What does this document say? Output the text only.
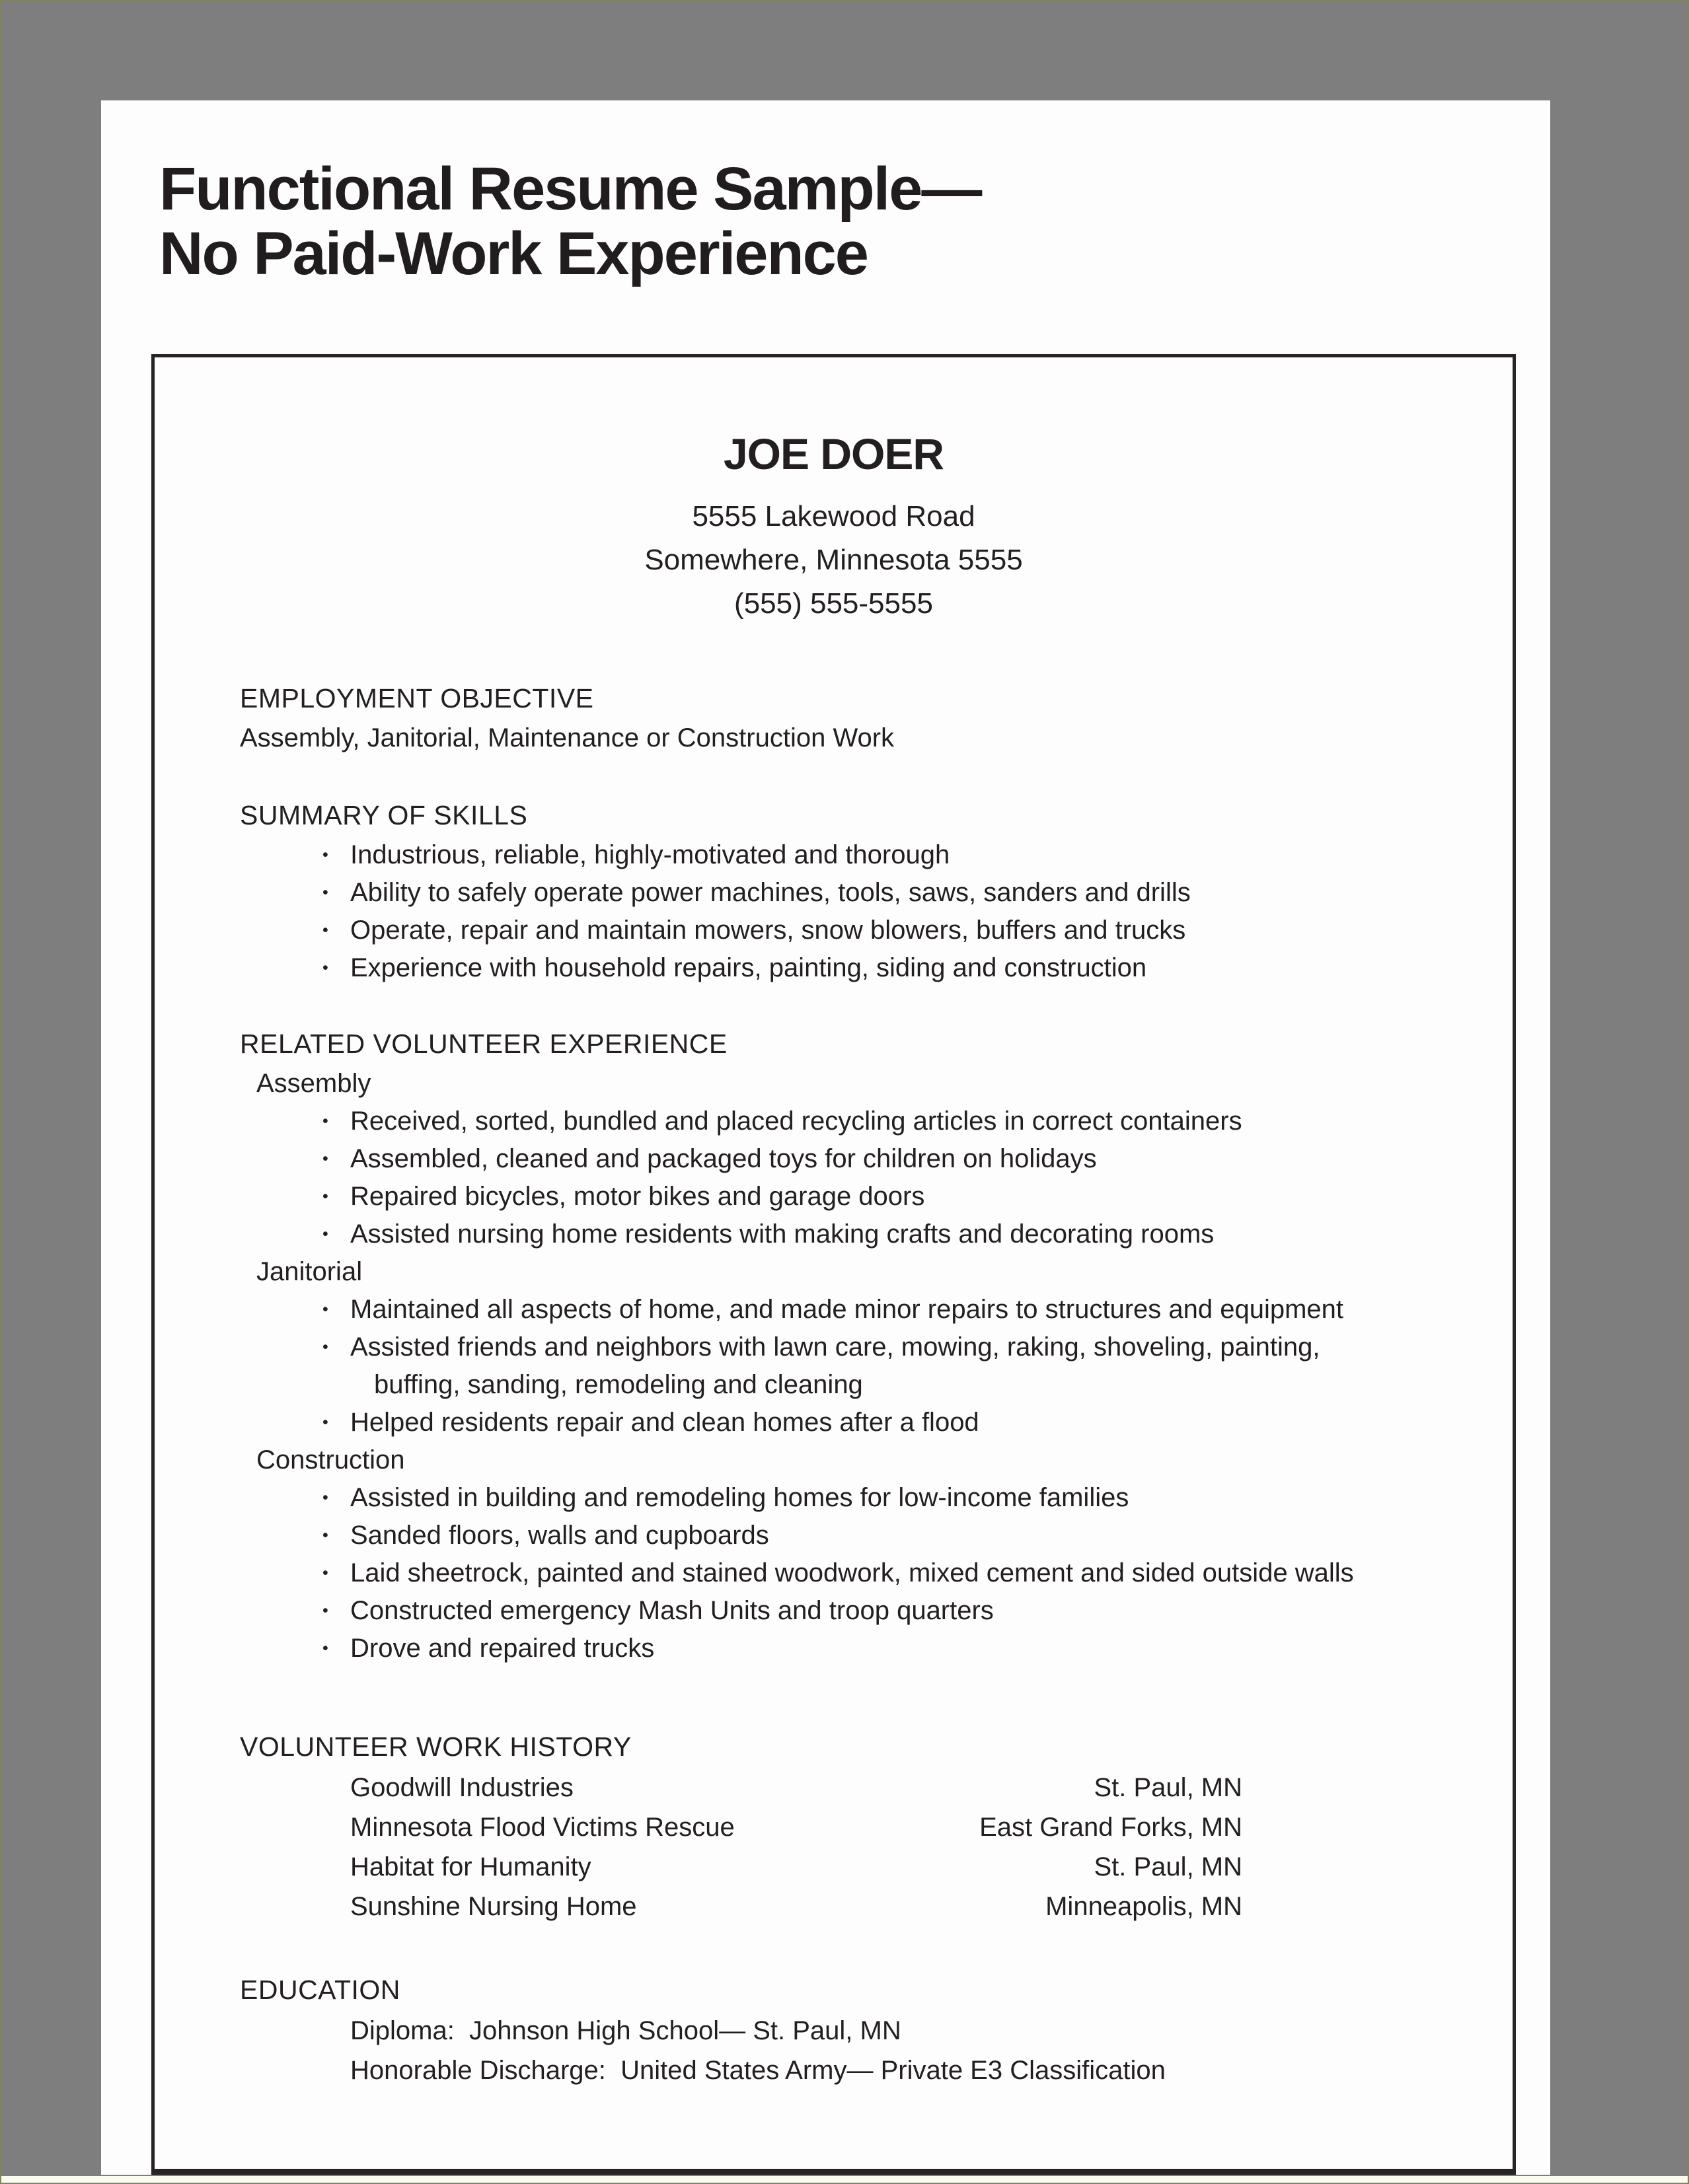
Functional Resume Sample—
No Paid-Work Experience
JOE DOER
5555 Lakewood Road
Somewhere, Minnesota 5555
(555) 555-5555
EMPLOYMENT OBJECTIVE
Assembly, Janitorial, Maintenance or Construction Work
SUMMARY OF SKILLS
• Industrious, reliable, highly-motivated and thorough
• Ability to safely operate power machines, tools, saws, sanders and drills
• Operate, repair and maintain mowers, snow blowers, buffers and trucks
• Experience with household repairs, painting, siding and construction
RELATED VOLUNTEER EXPERIENCE
Assembly
• Received, sorted, bundled and placed recycling articles in correct containers
• Assembled, cleaned and packaged toys for children on holidays
• Repaired bicycles, motor bikes and garage doors
• Assisted nursing home residents with making crafts and decorating rooms
Janitorial
• Maintained all aspects of home, and made minor repairs to structures and equipment
• Assisted friends and neighbors with lawn care, mowing, raking, shoveling, painting,
buffing, sanding, remodeling and cleaning
• Helped residents repair and clean homes after a flood
Construction
• Assisted in building and remodeling homes for low-income families
• Sanded floors, walls and cupboards
• Laid sheetrock, painted and stained woodwork, mixed cement and sided outside walls
• Constructed emergency Mash Units and troop quarters
• Drove and repaired trucks
VOLUNTEER WORK HISTORY
Goodwill Industries	St. Paul, MN
Minnesota Flood Victims Rescue	East Grand Forks, MN
Habitat for Humanity	St. Paul, MN
Sunshine Nursing Home	Minneapolis, MN
EDUCATION
Diploma:  Johnson High School— St. Paul, MN
Honorable Discharge:  United States Army— Private E3 Classification
